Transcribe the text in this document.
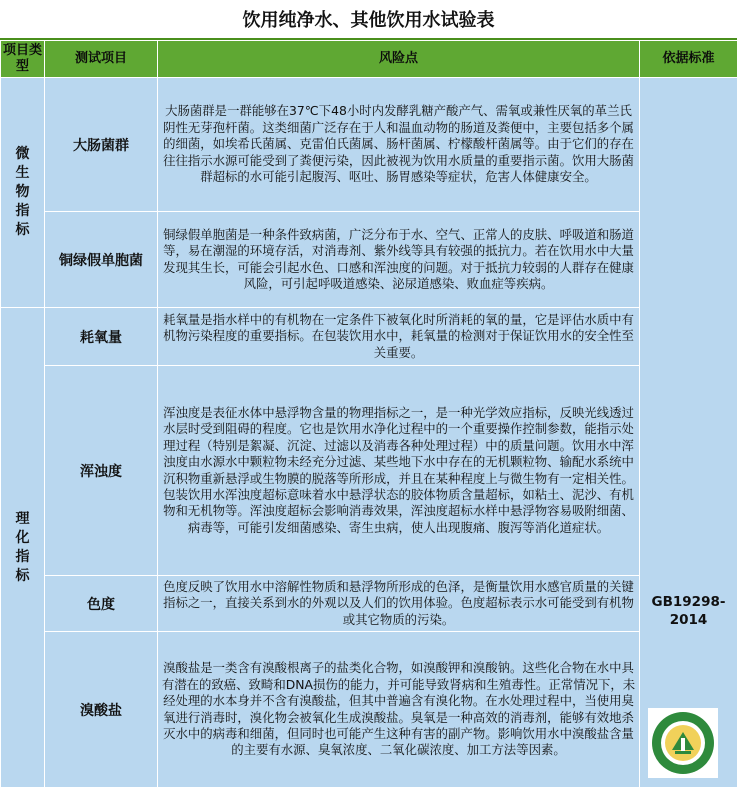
饮用纯净水、其他饮用水试验表
项目类型	测试项目	风险点	依据标准
微生物指标	大肠菌群	大肠菌群是一群能够在37℃下48小时内发酵乳糖产酸产气、需氧或兼性厌氧的革兰氏阴性无芽孢杆菌。这类细菌广泛存在于人和温血动物的肠道及粪便中，主要包括多个属的细菌，如埃希氏菌属、克雷伯氏菌属、肠杆菌属、柠檬酸杆菌属等。由于它们的存在往往指示水源可能受到了粪便污染，因此被视为饮用水质量的重要指示菌。饮用大肠菌群超标的水可能引起腹泻、呕吐、肠胃感染等症状，危害人体健康安全。	GB19298-2014

	铜绿假单胞菌	铜绿假单胞菌是一种条件致病菌，广泛分布于水、空气、正常人的皮肤、呼吸道和肠道等，易在潮湿的环境存活，对消毒剂、紫外线等具有较强的抵抗力。若在饮用水中大量发现其生长，可能会引起水色、口感和浑浊度的问题。对于抵抗力较弱的人群存在健康风险，可引起呼吸道感染、泌尿道感染、败血症等疾病。	
理化指标	耗氧量	耗氧量是指水样中的有机物在一定条件下被氧化时所消耗的氧的量，它是评估水质中有机物污染程度的重要指标。在包装饮用水中，耗氧量的检测对于保证饮用水的安全性至关重要。	
	浑浊度	浑浊度是表征水体中悬浮物含量的物理指标之一，是一种光学效应指标，反映光线透过水层时受到阻碍的程度。它也是饮用水净化过程中的一个重要操作控制参数，能指示处理过程（特别是絮凝、沉淀、过滤以及消毒各种处理过程）中的质量问题。饮用水中浑浊度由水源水中颗粒物未经充分过滤、某些地下水中存在的无机颗粒物、输配水系统中沉积物重新悬浮或生物膜的脱落等所形成，并且在某种程度上与微生物有一定相关性。包装饮用水浑浊度超标意味着水中悬浮状态的胶体物质含量超标，如粘土、泥沙、有机物和无机物等。浑浊度超标会影响消毒效果，浑浊度超标水样中悬浮物容易吸附细菌、病毒等，可能引发细菌感染、寄生虫病，使人出现腹痛、腹泻等消化道症状。	
	色度	色度反映了饮用水中溶解性物质和悬浮物所形成的色泽，是衡量饮用水感官质量的关键指标之一，直接关系到水的外观以及人们的饮用体验。色度超标表示水可能受到有机物或其它物质的污染。	
	溴酸盐	溴酸盐是一类含有溴酸根离子的盐类化合物，如溴酸钾和溴酸钠。这些化合物在水中具有潜在的致癌、致畸和DNA损伤的能力，并可能导致肾病和生殖毒性。正常情况下，未经处理的水本身并不含有溴酸盐，但其中普遍含有溴化物。在水处理过程中，当使用臭氧进行消毒时，溴化物会被氧化生成溴酸盐。臭氧是一种高效的消毒剂，能够有效地杀灭水中的病毒和细菌，但同时也可能产生这种有害的副产物。影响饮用水中溴酸盐含量的主要有水源、臭氧浓度、二氧化碳浓度、加工方法等因素。	
